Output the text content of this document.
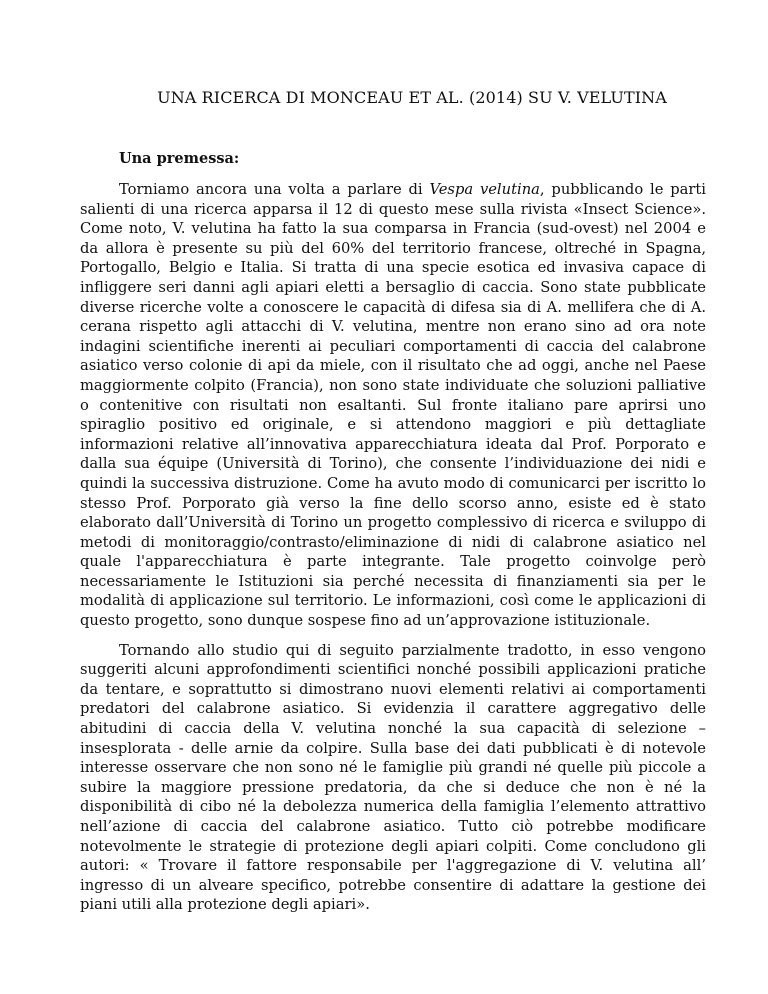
UNA RICERCA DI MONCEAU ET AL. (2014) SU V. VELUTINA
Una premessa:

Torniamo ancora una volta a parlare di Vespa velutina, pubblicando le parti salienti di una ricerca apparsa il 12 di questo mese sulla rivista «Insect Science». Come noto, V. velutina ha fatto la sua comparsa in Francia (sud-ovest) nel 2004 e da allora è presente su più del 60% del territorio francese, oltreché in Spagna, Portogallo, Belgio e Italia. Si tratta di una specie esotica ed invasiva capace di infliggere seri danni agli apiari eletti a bersaglio di caccia. Sono state pubblicate diverse ricerche volte a conoscere le capacità di difesa sia di A. mellifera che di A. cerana rispetto agli attacchi di V. velutina, mentre non erano sino ad ora note indagini scientifiche inerenti ai peculiari comportamenti di caccia del calabrone asiatico verso colonie di api da miele, con il risultato che ad oggi, anche nel Paese maggiormente colpito (Francia), non sono state individuate che soluzioni palliative o contenitive con risultati non esaltanti. Sul fronte italiano pare aprirsi uno spiraglio positivo ed originale, e si attendono maggiori e più dettagliate informazioni relative all’innovativa apparecchiatura ideata dal Prof. Porporato e dalla sua équipe (Università di Torino), che consente l’individuazione dei nidi e quindi la successiva distruzione. Come ha avuto modo di comunicarci per iscritto lo stesso Prof. Porporato già verso la fine dello scorso anno, esiste ed è stato elaborato dall’Università di Torino un progetto complessivo di ricerca e sviluppo di metodi di monitoraggio/contrasto/eliminazione di nidi di calabrone asiatico nel quale l'apparecchiatura è parte integrante. Tale progetto coinvolge però necessariamente le Istituzioni sia perché necessita di finanziamenti sia per le modalità di applicazione sul territorio. Le informazioni, così come le applicazioni di questo progetto, sono dunque sospese fino ad un’approvazione istituzionale.

Tornando allo studio qui di seguito parzialmente tradotto, in esso vengono suggeriti alcuni approfondimenti scientifici nonché possibili applicazioni pratiche da tentare, e soprattutto si dimostrano nuovi elementi relativi ai comportamenti predatori del calabrone asiatico. Si evidenzia il carattere aggregativo delle abitudini di caccia della V. velutina nonché la sua capacità di selezione – insesplorata - delle arnie da colpire. Sulla base dei dati pubblicati è di notevole interesse osservare che non sono né le famiglie più grandi né quelle più piccole a subire la maggiore pressione predatoria, da che si deduce che non è né la disponibilità di cibo né la debolezza numerica della famiglia l’elemento attrattivo nell’azione di caccia del calabrone asiatico. Tutto ciò potrebbe modificare notevolmente le strategie di protezione degli apiari colpiti. Come concludono gli autori: « Trovare il fattore responsabile per l'aggregazione di V. velutina all’ ingresso di un alveare specifico, potrebbe consentire di adattare la gestione dei piani utili alla protezione degli apiari».
